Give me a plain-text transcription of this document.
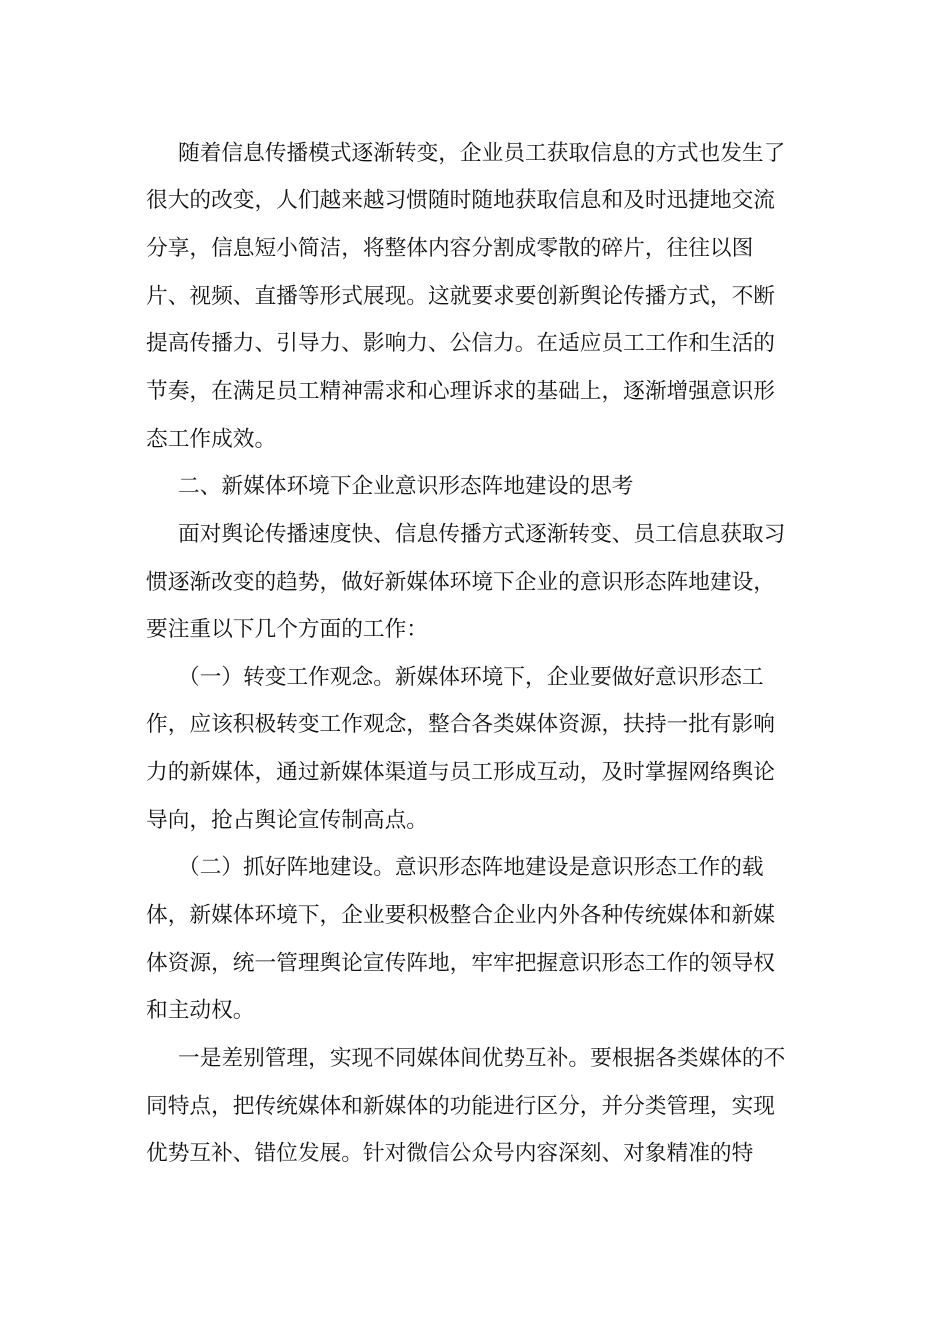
随着信息传播模式逐渐转变，企业员工获取信息的方式也发生了
很大的改变，人们越来越习惯随时随地获取信息和及时迅捷地交流
分享，信息短小简洁，将整体内容分割成零散的碎片，往往以图
片、视频、直播等形式展现。这就要求要创新舆论传播方式，不断
提高传播力、引导力、影响力、公信力。在适应员工工作和生活的
节奏，在满足员工精神需求和心理诉求的基础上，逐渐增强意识形
态工作成效。
二、新媒体环境下企业意识形态阵地建设的思考
面对舆论传播速度快、信息传播方式逐渐转变、员工信息获取习
惯逐渐改变的趋势，做好新媒体环境下企业的意识形态阵地建设，
要注重以下几个方面的工作：
（一）转变工作观念。新媒体环境下，企业要做好意识形态工
作，应该积极转变工作观念，整合各类媒体资源，扶持一批有影响
力的新媒体，通过新媒体渠道与员工形成互动，及时掌握网络舆论
导向，抢占舆论宣传制高点。
（二）抓好阵地建设。意识形态阵地建设是意识形态工作的载
体，新媒体环境下，企业要积极整合企业内外各种传统媒体和新媒
体资源，统一管理舆论宣传阵地，牢牢把握意识形态工作的领导权
和主动权。
一是差别管理，实现不同媒体间优势互补。要根据各类媒体的不
同特点，把传统媒体和新媒体的功能进行区分，并分类管理，实现
优势互补、错位发展。针对微信公众号内容深刻、对象精准的特
